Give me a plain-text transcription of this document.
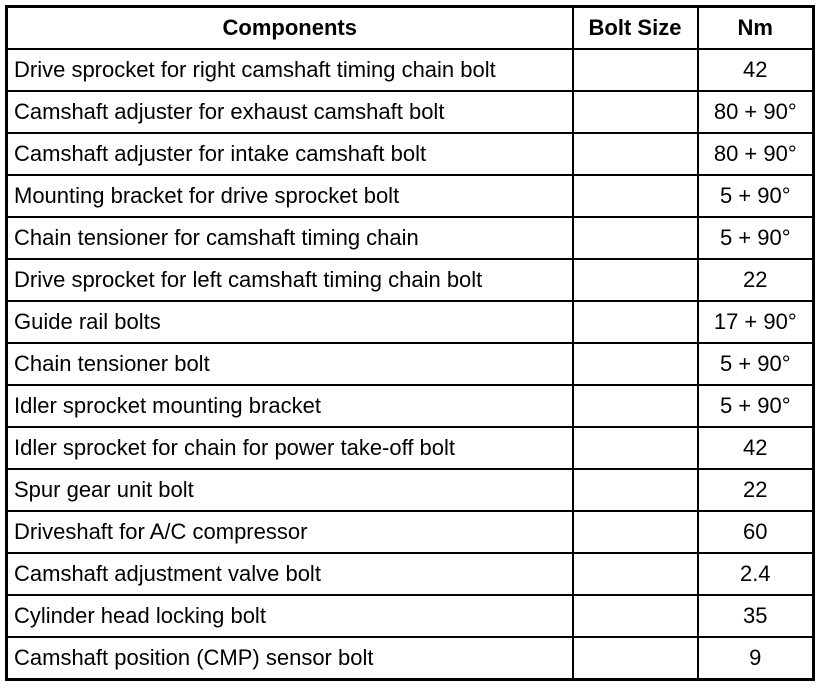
Components	Bolt Size	Nm
Drive sprocket for right camshaft timing chain bolt		42
Camshaft adjuster for exhaust camshaft bolt		80 + 90°
Camshaft adjuster for intake camshaft bolt		80 + 90°
Mounting bracket for drive sprocket bolt		5 + 90°
Chain tensioner for camshaft timing chain		5 + 90°
Drive sprocket for left camshaft timing chain bolt		22
Guide rail bolts		17 + 90°
Chain tensioner bolt		5 + 90°
Idler sprocket mounting bracket		5 + 90°
Idler sprocket for chain for power take-off bolt		42
Spur gear unit bolt		22
Driveshaft for A/C compressor		60
Camshaft adjustment valve bolt		2.4
Cylinder head locking bolt		35
Camshaft position (CMP) sensor bolt		9
